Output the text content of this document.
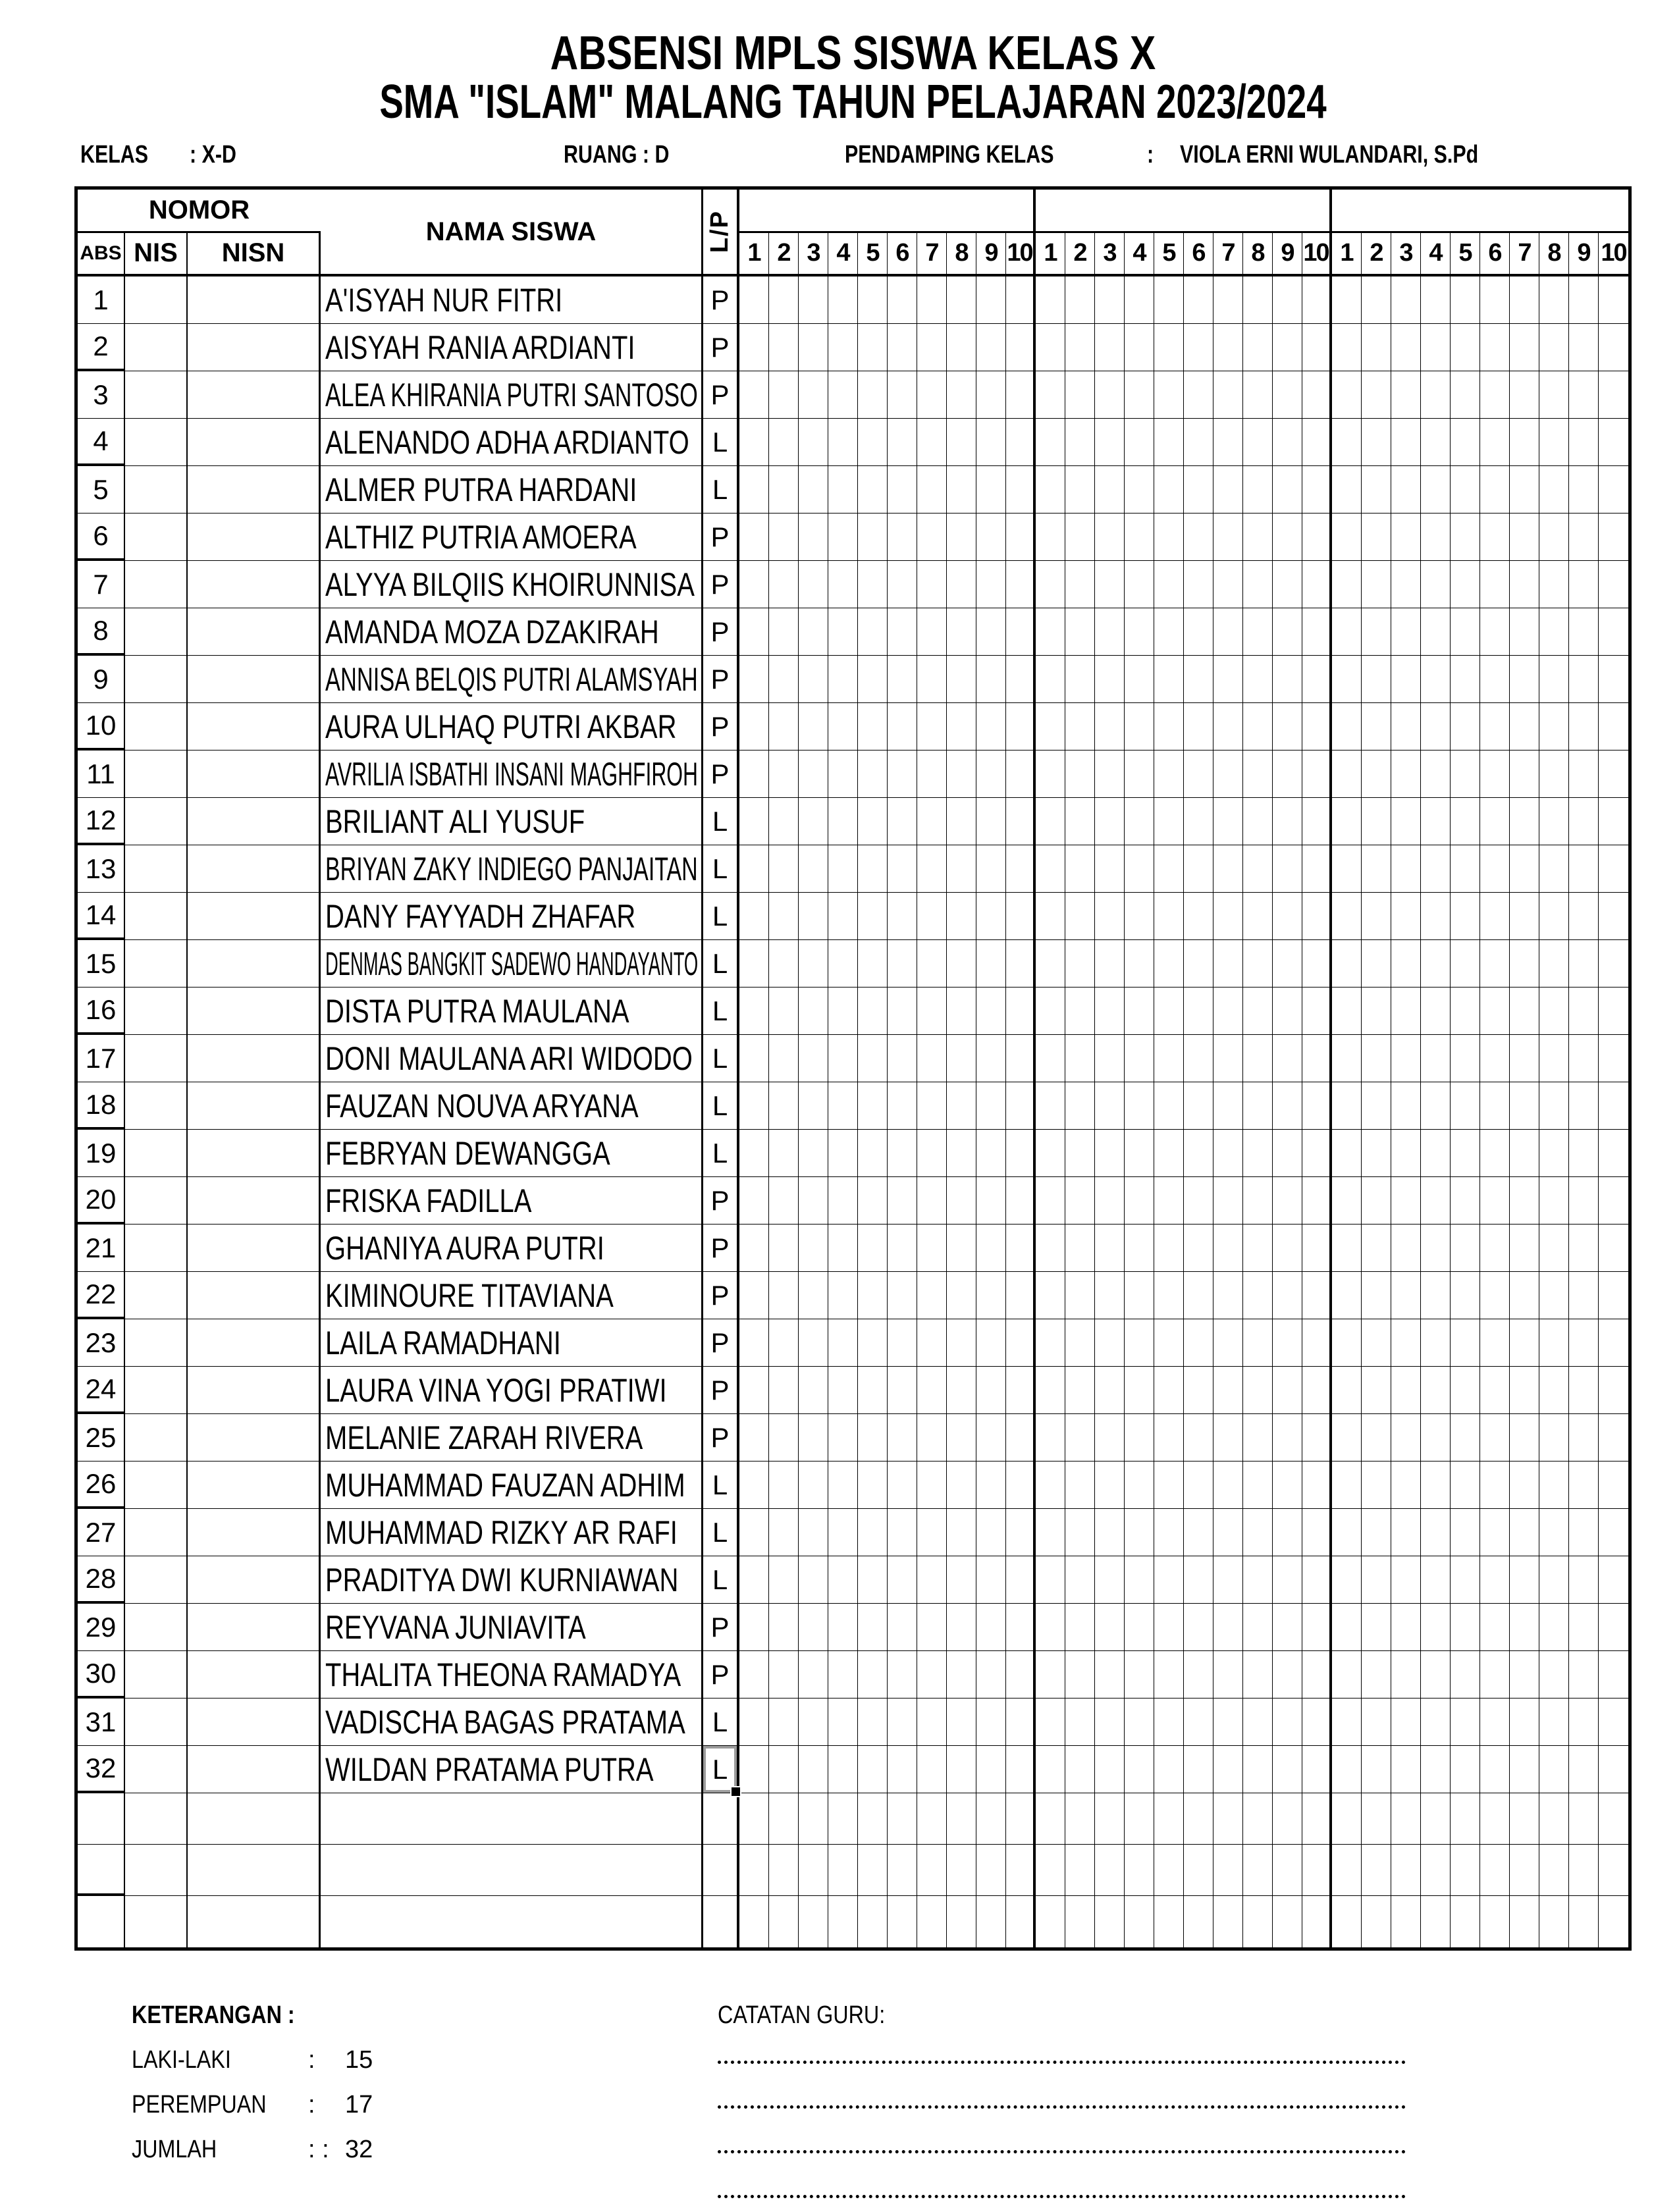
ABSENSI MPLS SISWA KELAS X
SMA "ISLAM" MALANG TAHUN PELAJARAN 2023/2024
KELAS : X-D	RUANG : D	PENDAMPING KELAS	: VIOLA ERNI WULANDARI, S.Pd
NOMOR
ABS NIS	NISN
NAMA SISWA	L/P 1 2 3 4 5 6 7 8 9 10 1 2 3 4 5 6 7 8 9 10 1 2 3 4 5 6 7 8 9 10
1	A'ISYAH NUR FITRI	P
2	AISYAH RANIA ARDIANTI	P
3	ALEA KHIRANIA PUTRI SANTOSO P
4	ALENANDO ADHA ARDIANTO L
5	ALMER PUTRA HARDANI	L
6	ALTHIZ PUTRIA AMOERA	P
7	ALYYA BILQIIS KHOIRUNNISA P
8	AMANDA MOZA DZAKIRAH P
9	ANNISA BELQIS PUTRI ALAMSYAH P
10	AURA ULHAQ PUTRI AKBAR P
11	AVRILIA ISBATHI INSANI MAGHFIROH P
12	BRILIANT ALI YUSUF	L
13	BRIYAN ZAKY INDIEGO PANJAITAN L
14	DANY FAYYADH ZHAFAR	L
15	DENMAS BANGKIT SADEWO HANDAYANTO L
16	DISTA PUTRA MAULANA	L
17	DONI MAULANA ARI WIDODO L
18	FAUZAN NOUVA ARYANA	L
19	FEBRYAN DEWANGGA	L
20	FRISKA FADILLA	P
21	GHANIYA AURA PUTRI	P
22	KIMINOURE TITAVIANA	P
23	LAILA RAMADHANI	P
24	LAURA VINA YOGI PRATIWI P
25	MELANIE ZARAH RIVERA P
26	MUHAMMAD FAUZAN ADHIM L
27	MUHAMMAD RIZKY AR RAFI	L
28	PRADITYA DWI KURNIAWAN	L
29	REYVANA JUNIAVITA	P
30	THALITA THEONA RAMADYA P
31	VADISCHA BAGAS PRATAMA L
32	WILDAN PRATAMA PUTRA	L
KETERANGAN :
LAKI-LAKI	:	15
PEREMPUAN	:	17
JUMLAH	: : 32
CATATAN GURU:
